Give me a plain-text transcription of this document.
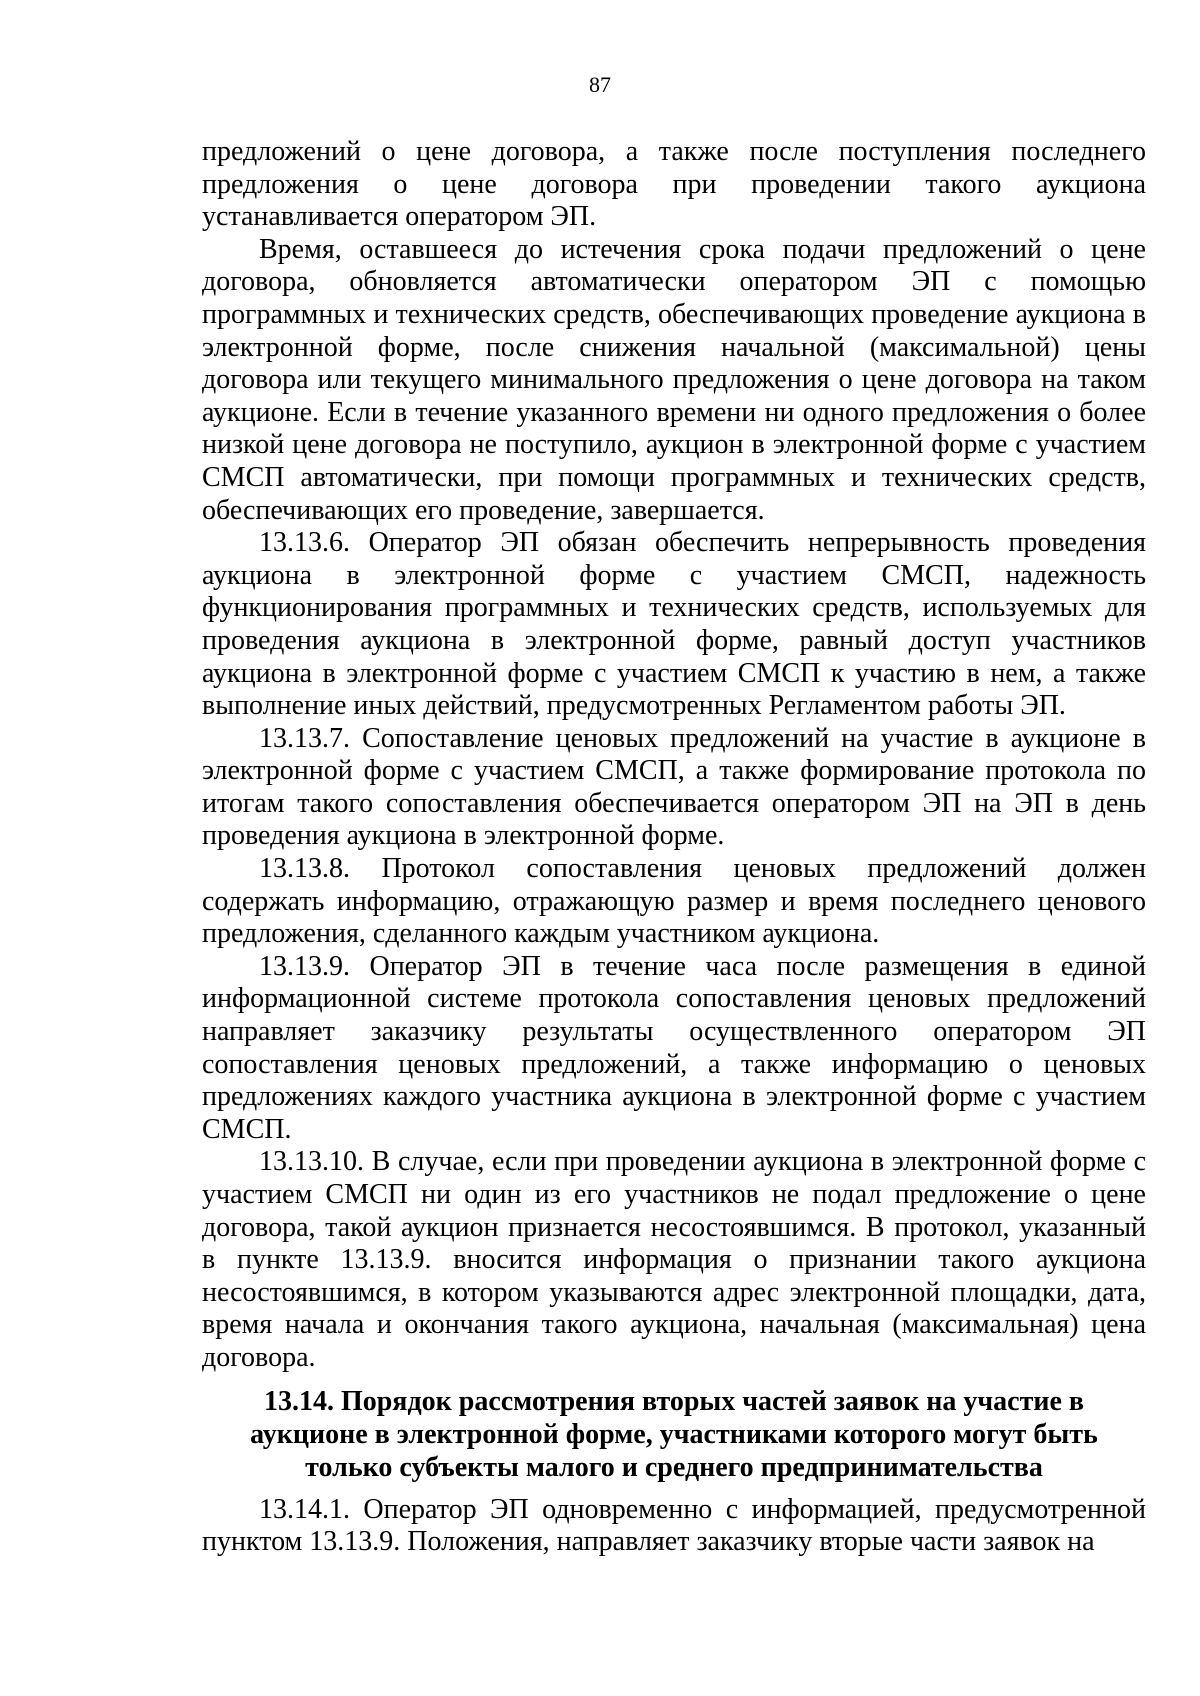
87

предложений о цене договора, а также после поступления последнего предложения о цене договора при проведении такого аукциона устанавливается оператором ЭП.

Время, оставшееся до истечения срока подачи предложений о цене договора, обновляется автоматически оператором ЭП с помощью программных и технических средств, обеспечивающих проведение аукциона в электронной форме, после снижения начальной (максимальной) цены договора или текущего минимального предложения о цене договора на таком аукционе. Если в течение указанного времени ни одного предложения о более низкой цене договора не поступило, аукцион в электронной форме с участием СМСП автоматически, при помощи программных и технических средств, обеспечивающих его проведение, завершается.

13.13.6. Оператор ЭП обязан обеспечить непрерывность проведения аукциона в электронной форме с участием СМСП, надежность функционирования программных и технических средств, используемых для проведения аукциона в электронной форме, равный доступ участников аукциона в электронной форме с участием СМСП к участию в нем, а также выполнение иных действий, предусмотренных Регламентом работы ЭП.

13.13.7. Сопоставление ценовых предложений на участие в аукционе в электронной форме с участием СМСП, а также формирование протокола по итогам такого сопоставления обеспечивается оператором ЭП на ЭП в день проведения аукциона в электронной форме.

13.13.8. Протокол сопоставления ценовых предложений должен содержать информацию, отражающую размер и время последнего ценового предложения, сделанного каждым участником аукциона.

13.13.9. Оператор ЭП в течение часа после размещения в единой информационной системе протокола сопоставления ценовых предложений направляет заказчику результаты осуществленного оператором ЭП сопоставления ценовых предложений, а также информацию о ценовых предложениях каждого участника аукциона в электронной форме с участием СМСП.

13.13.10. В случае, если при проведении аукциона в электронной форме с участием СМСП ни один из его участников не подал предложение о цене договора, такой аукцион признается несостоявшимся. В протокол, указанный в пункте 13.13.9. вносится информация о признании такого аукциона несостоявшимся, в котором указываются адрес электронной площадки, дата, время начала и окончания такого аукциона, начальная (максимальная) цена договора.

13.14. Порядок рассмотрения вторых частей заявок на участие в
аукционе в электронной форме, участниками которого могут быть
только субъекты малого и среднего предпринимательства

13.14.1. Оператор ЭП одновременно с информацией, предусмотренной пунктом 13.13.9. Положения, направляет заказчику вторые части заявок на
